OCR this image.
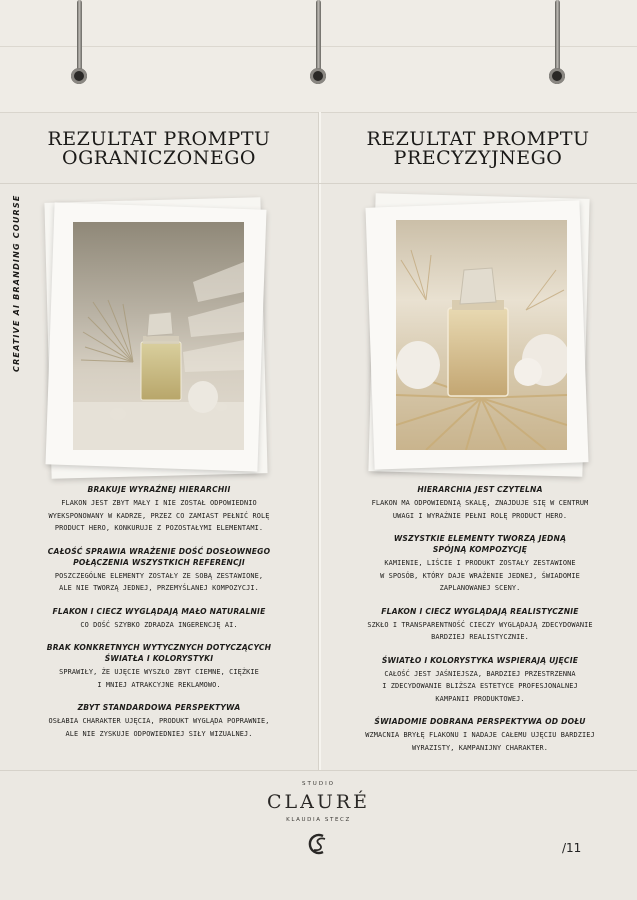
REZULTAT PROMPTU
OGRANICZONEGO
REZULTAT PROMPTU
PRECYZYJNEGO
CREATIVE AI BRANDING COURSE
BRAKUJE WYRAŹNEJ HIERARCHII

FLAKON JEST ZBYT MAŁY I NIE ZOSTAŁ ODPOWIEDNIO
WYEKSPONOWANY W KADRZE, PRZEZ CO ZAMIAST PEŁNIĆ ROLĘ
PRODUCT HERO, KONKURUJE Z POZOSTAŁYMI ELEMENTAMI.

CAŁOŚĆ SPRAWIA WRAŻENIE DOŚĆ DOSŁOWNEGO
POŁĄCZENIA WSZYSTKICH REFERENCJI

POSZCZEGÓLNE ELEMENTY ZOSTAŁY ZE SOBĄ ZESTAWIONE,
ALE NIE TWORZĄ JEDNEJ, PRZEMYŚLANEJ KOMPOZYCJI.

FLAKON I CIECZ WYGLĄDAJĄ MAŁO NATURALNIE

CO DOŚĆ SZYBKO ZDRADZA INGERENCJĘ AI.

BRAK KONKRETNYCH WYTYCZNYCH DOTYCZĄCYCH
ŚWIATŁA I KOLORYSTYKI

SPRAWIŁY, ŻE UJĘCIE WYSZŁO ZBYT CIEMNE, CIĘŻKIE
I MNIEJ ATRAKCYJNE REKLAMOWO.

ZBYT STANDARDOWA PERSPEKTYWA

OSŁABIA CHARAKTER UJĘCIA, PRODUKT WYGLĄDA POPRAWNIE,
ALE NIE ZYSKUJE ODPOWIEDNIEJ SIŁY WIZUALNEJ.

HIERARCHIA JEST CZYTELNA

FLAKON MA ODPOWIEDNIĄ SKALĘ, ZNAJDUJE SIĘ W CENTRUM
UWAGI I WYRAŹNIE PEŁNI ROLĘ PRODUCT HERO.

WSZYSTKIE ELEMENTY TWORZĄ JEDNĄ
SPÓJNĄ KOMPOZYCJĘ

KAMIENIE, LIŚCIE I PRODUKT ZOSTAŁY ZESTAWIONE
W SPOSÓB, KTÓRY DAJE WRAŻENIE JEDNEJ, ŚWIADOMIE
ZAPLANOWANEJ SCENY.

FLAKON I CIECZ WYGLĄDAJĄ REALISTYCZNIE

SZKŁO I TRANSPARENTNOŚĆ CIECZY WYGLĄDAJĄ ZDECYDOWANIE
BARDZIEJ REALISTYCZNIE.

ŚWIATŁO I KOLORYSTYKA WSPIERAJĄ UJĘCIE

CAŁOŚĆ JEST JAŚNIEJSZA, BARDZIEJ PRZESTRZENNA
I ZDECYDOWANIE BLIŻSZA ESTETYCE PROFESJONALNEJ
KAMPANII PRODUKTOWEJ.

ŚWIADOMIE DOBRANA PERSPEKTYWA OD DOŁU

WZMACNIA BRYŁĘ FLAKONU I NADAJE CAŁEMU UJĘCIU BARDZIEJ
WYRAZISTY, KAMPANIJNY CHARAKTER.

STUDIO
CLAURÉ
KLAUDIA STECZ
/11
